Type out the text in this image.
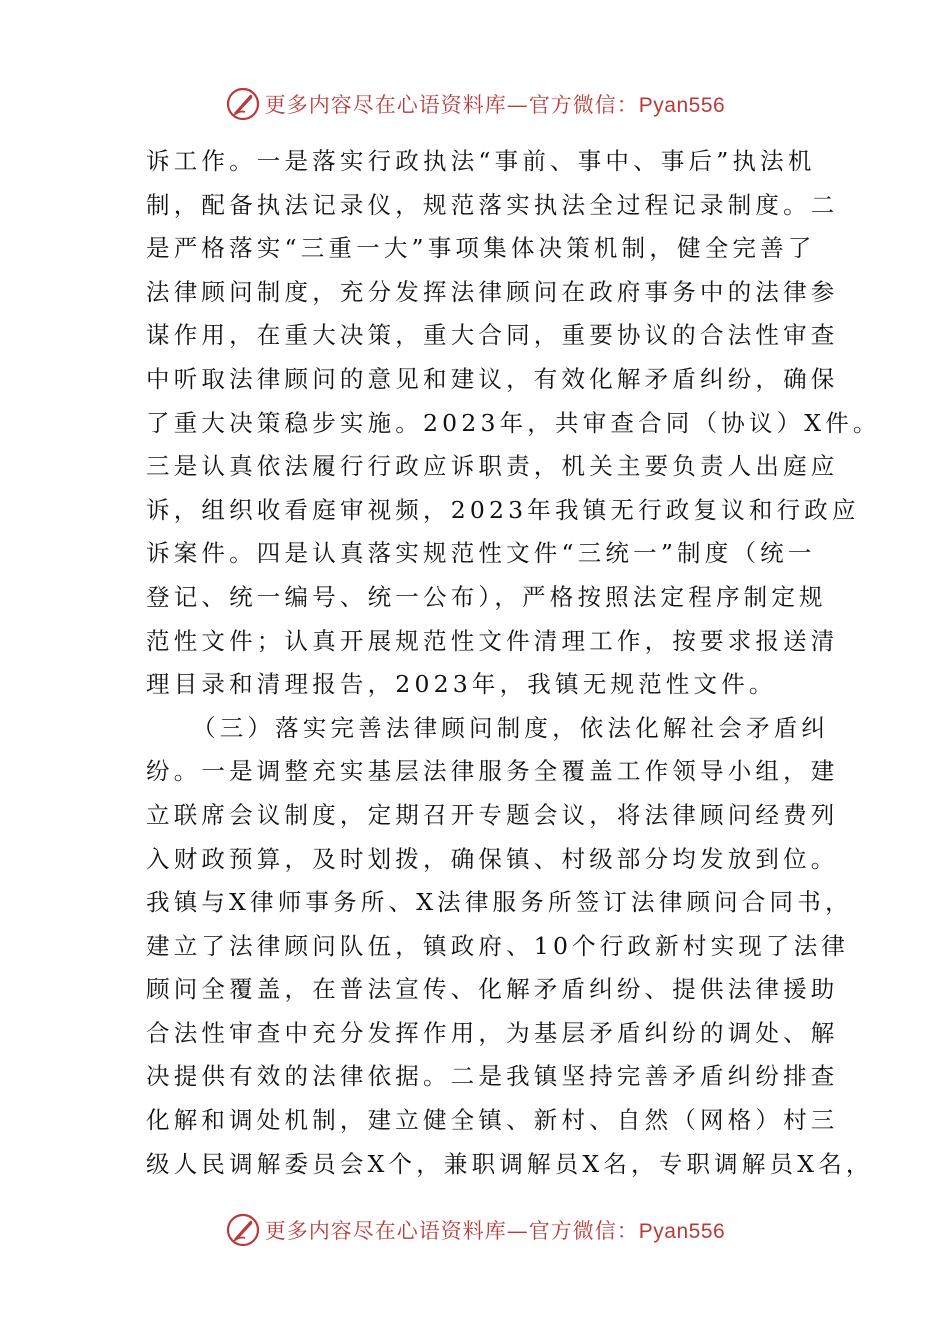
更多内容尽在心语资料库—官方微信：Pyan556
诉工作。一是落实行政执法“事前、事中、事后”执法机
制，配备执法记录仪，规范落实执法全过程记录制度。二
是严格落实“三重一大”事项集体决策机制，健全完善了
法律顾问制度，充分发挥法律顾问在政府事务中的法律参
谋作用，在重大决策，重大合同，重要协议的合法性审查
中听取法律顾问的意见和建议，有效化解矛盾纠纷，确保
了重大决策稳步实施。2023年，共审查合同（协议）X件。
三是认真依法履行行政应诉职责，机关主要负责人出庭应
诉，组织收看庭审视频，2023年我镇无行政复议和行政应
诉案件。四是认真落实规范性文件“三统一”制度（统一
登记、统一编号、统一公布），严格按照法定程序制定规
范性文件；认真开展规范性文件清理工作，按要求报送清
理目录和清理报告，2023年，我镇无规范性文件。
（三）落实完善法律顾问制度，依法化解社会矛盾纠
纷。一是调整充实基层法律服务全覆盖工作领导小组，建
立联席会议制度，定期召开专题会议，将法律顾问经费列
入财政预算，及时划拨，确保镇、村级部分均发放到位。
我镇与X律师事务所、X法律服务所签订法律顾问合同书，
建立了法律顾问队伍，镇政府、10个行政新村实现了法律
顾问全覆盖，在普法宣传、化解矛盾纠纷、提供法律援助
合法性审查中充分发挥作用，为基层矛盾纠纷的调处、解
决提供有效的法律依据。二是我镇坚持完善矛盾纠纷排查
化解和调处机制，建立健全镇、新村、自然（网格）村三
级人民调解委员会X个，兼职调解员X名，专职调解员X名，
更多内容尽在心语资料库—官方微信：Pyan556
